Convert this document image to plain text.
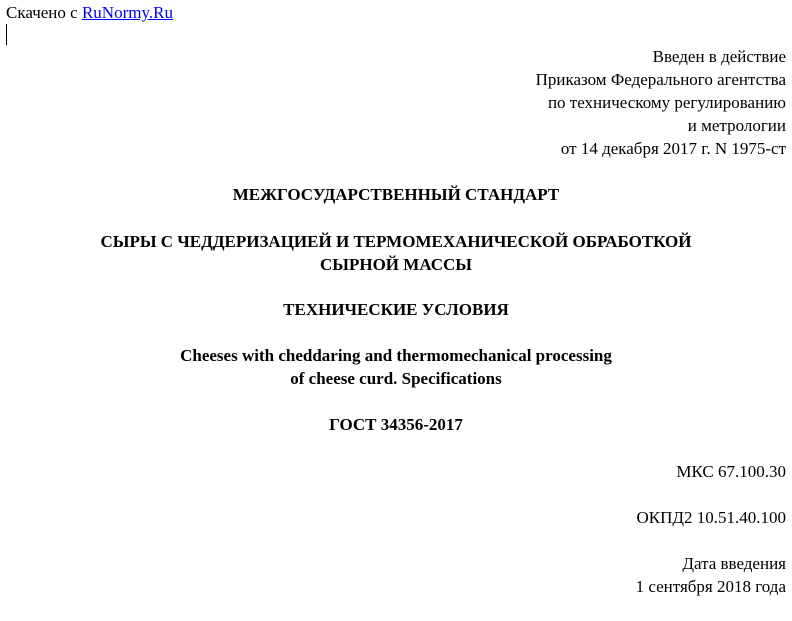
Скачено с RuNormy.Ru
Введен в действие
Приказом Федерального агентства
по техническому регулированию
и метрологии
от 14 декабря 2017 г. N 1975-ст
МЕЖГОСУДАРСТВЕННЫЙ СТАНДАРТ
СЫРЫ С ЧЕДДЕРИЗАЦИЕЙ И ТЕРМОМЕХАНИЧЕСКОЙ ОБРАБОТКОЙ
СЫРНОЙ МАССЫ
ТЕХНИЧЕСКИЕ УСЛОВИЯ
Cheeses with cheddaring and thermomechanical processing
of cheese curd. Specifications
ГОСТ 34356-2017
МКС 67.100.30
ОКПД2 10.51.40.100
Дата введения
1 сентября 2018 года
